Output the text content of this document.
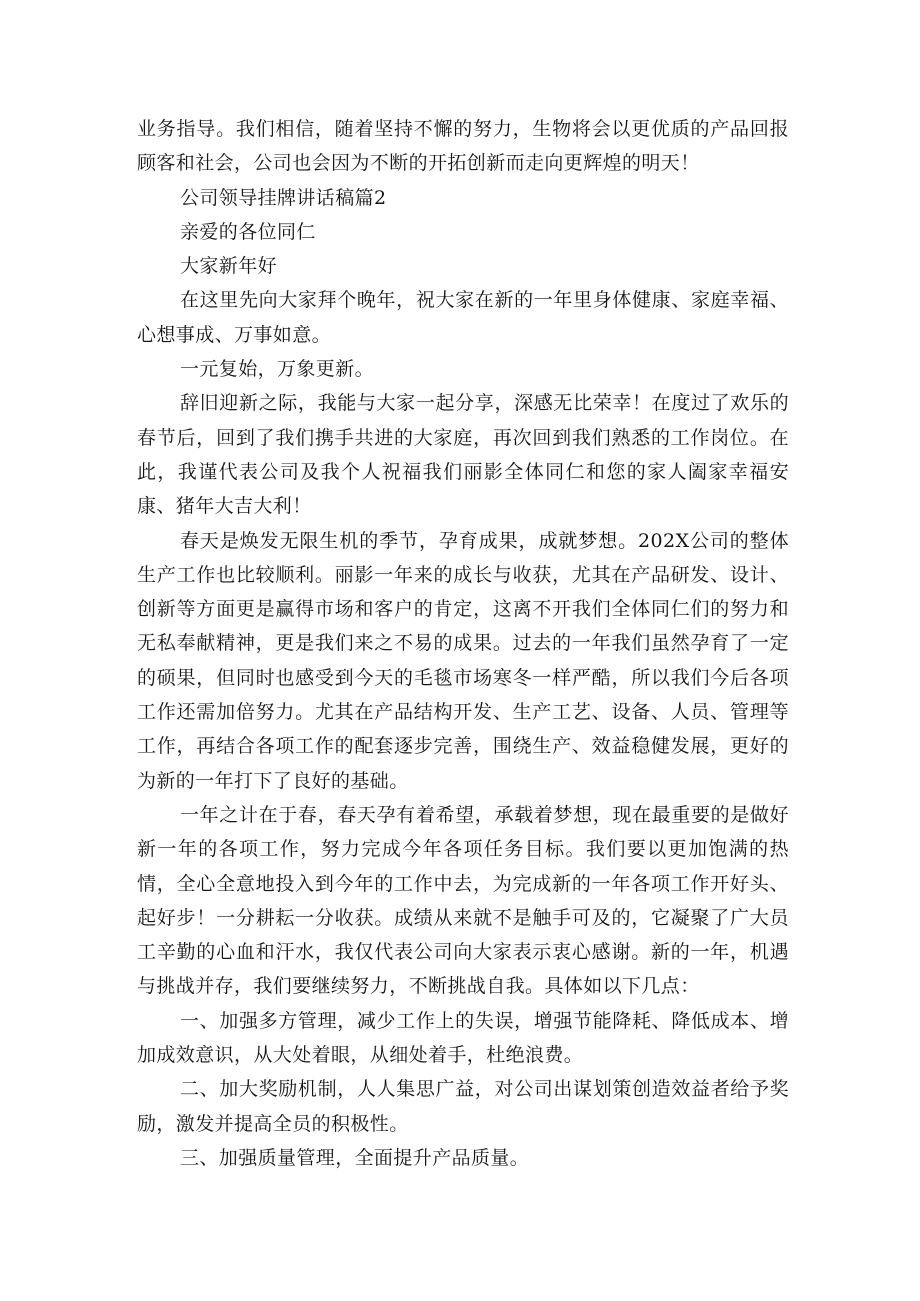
业务指导。我们相信，随着坚持不懈的努力，生物将会以更优质的产品回报顾客和社会，公司也会因为不断的开拓创新而走向更辉煌的明天！

公司领导挂牌讲话稿篇2

亲爱的各位同仁

大家新年好

在这里先向大家拜个晚年，祝大家在新的一年里身体健康、家庭幸福、心想事成、万事如意。

一元复始，万象更新。

辞旧迎新之际，我能与大家一起分享，深感无比荣幸！在度过了欢乐的春节后，回到了我们携手共进的大家庭，再次回到我们熟悉的工作岗位。在此，我谨代表公司及我个人祝福我们丽影全体同仁和您的家人阖家幸福安康、猪年大吉大利！

春天是焕发无限生机的季节，孕育成果，成就梦想。202X公司的整体生产工作也比较顺利。丽影一年来的成长与收获，尤其在产品研发、设计、创新等方面更是赢得市场和客户的肯定，这离不开我们全体同仁们的努力和无私奉献精神，更是我们来之不易的成果。过去的一年我们虽然孕育了一定的硕果，但同时也感受到今天的毛毯市场寒冬一样严酷，所以我们今后各项工作还需加倍努力。尤其在产品结构开发、生产工艺、设备、人员、管理等工作，再结合各项工作的配套逐步完善，围绕生产、效益稳健发展，更好的为新的一年打下了良好的基础。

一年之计在于春，春天孕有着希望，承载着梦想，现在最重要的是做好新一年的各项工作，努力完成今年各项任务目标。我们要以更加饱满的热情，全心全意地投入到今年的工作中去，为完成新的一年各项工作开好头、起好步！一分耕耘一分收获。成绩从来就不是触手可及的，它凝聚了广大员工辛勤的心血和汗水，我仅代表公司向大家表示衷心感谢。新的一年，机遇与挑战并存，我们要继续努力，不断挑战自我。具体如以下几点：

一、加强多方管理，减少工作上的失误，增强节能降耗、降低成本、增加成效意识，从大处着眼，从细处着手，杜绝浪费。

二、加大奖励机制，人人集思广益，对公司出谋划策创造效益者给予奖励，激发并提高全员的积极性。

三、加强质量管理，全面提升产品质量。
